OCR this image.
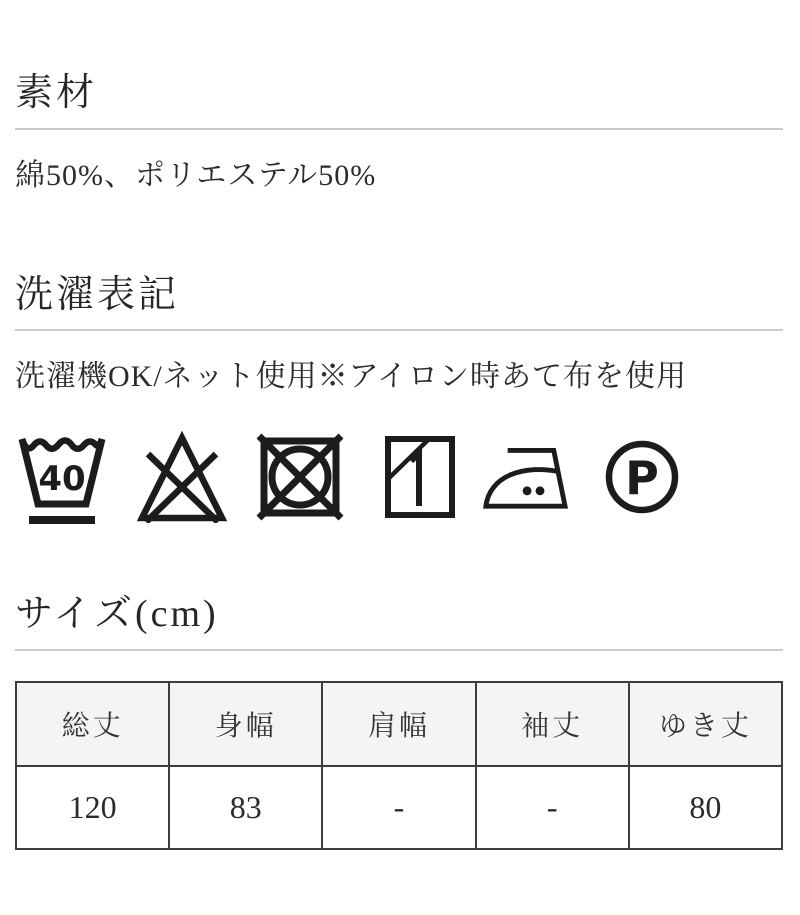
素材

綿50%、ポリエステル50%

洗濯表記

洗濯機OK/ネット使用※アイロン時あて布を使用

40	P
サイズ(cm)
総丈	身幅	肩幅	袖丈	ゆき丈
120	83	-	-	80
